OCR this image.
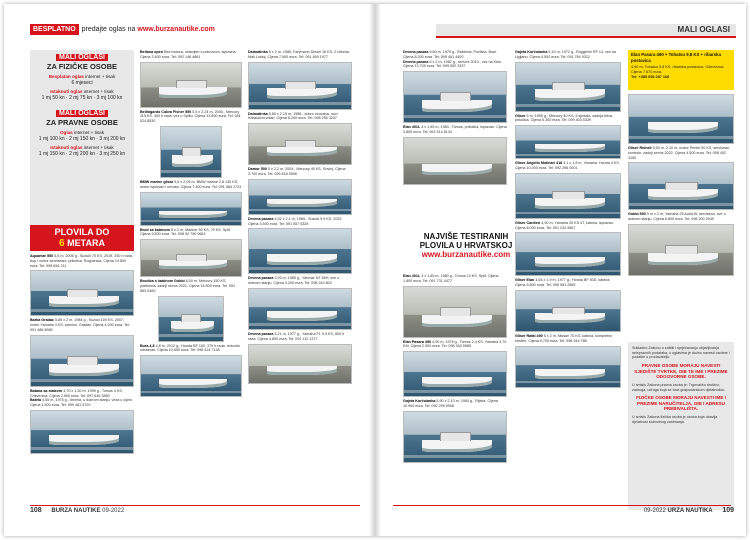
BESPLATNO predajte oglas na www.burzanautike.com
MALI OGLASI
ZA FIZIČKE OSOBE
Besplatan oglas internet + tisak
6 mjeseci
Istaknuti oglas internet + tisak
1 mj 50 kn · 2 mj 75 kn · 3 mj 100 kn
MALI OGLASI
ZA PRAVNE OSOBE
Oglas internet + tisak
1 mj 100 kn · 2 mj 150 kn · 3 mj 200 kn
Istaknuti oglas internet + tisak
1 mj 150 kn · 2 mj 200 kn · 3 mj 250 kn
PLOVILA DO
6 METARA
Aquamar 550 5,5 m, 2006 g., Suzuki 70 KS, 2019, 250 h rada, trup i motor servisirani, prikolica, Rogoznica. Cijena 14.800 eura. Tel: 098 654 211
Barka Gradac 5,85 x 2 m, 1984 g., Suzuki 100 KS, 2007, motor Yamaha 3 KS, kamion, Gradac. Cijena 4.200 eura. Tel: 091 486 8965
Batana sa stalcem 4,70 x 1,30 m, 1999 g., Tomos 4 KS, Crikvenica. Cijena 2.500 eura. Tel: 097 645 3850
Batela 4,55 m, 1975 g., drvena, u dobrom stanju, veza u cijeni. Cijena 1.500 eura. Tel: 099 481 5720
Bellana open Bez motora, ostavljen s pokrovom, ispravna. Cijena 3.400 eura. Tel: 092 146 4861
Bellingardo Cobra Fisher 550 5,5 x 2,24 m, 2005., Mercury 115 KS, 400 h rada, vez u Splitu. Cijena 13.800 eura. Tel: 091 524 8530
BMW marine glisar 5,5 x 2,05 m, BMW marine 2,8 130 KS, motor ispravan i uredan. Cijena 7.400 eura. Tel: 091 584 1723
Brod sa kabinom 8 x 2 m, Mariner 50 KS, 70 KS, Split. Cijena 9.500 eura. Tel: 098 92 790 0661
Brodica s kabinom Gobbi 6,00 m, Mercury 150 KS, platforma, zadnji servis 2021. Cijena 16.500 eura. Tel: 091 563 0469
Bura 4,8 4,8 m, 2012 g., Honda BF 100, 370 h rada, redovito održavan. Cijena 10.500 eura. Tel: 098 424 7145
Dalmatinka 5 x 2 m, 1986, Farymann Diesel 16 KS, 2 cilindra, Mali Lošinj. Cijena 7.500 eura. Tel: 091 489 1977
Dalmatinka 5,80 x 2,15 m, 1985., dobro očuvana, novi hidraulični volan. Cijena 6.200 eura. Tel: 098 255 3247
Damor 500 5 x 2,2 m, 2004., Mercury 40 KS, Rovinj. Cijena 3.700 eura. Tel: 095 818 0506
Drvena pasara 4,92 x 2,1 m, 1965., Suzuki 9,9 KS, 2022. Cijena 3.500 eura. Tel: 091 557 5328
Drvena pasara 3,93 m, 1965 g., Yanmar NT 65H, sve u dobrom stanju. Cijena 3.200 eura. Tel: 098 243 803
Drvena pasara 5,21 m, 1977 g., Yamaha F1 9,9 KS, 800 h rada. Cijena 4.800 eura. Tel: 091 112 1377
108 BURZA NAUTIKE 09-2022
MALI OGLASI
Drvena pasara 5,60 m, 1979 g., Rabbiosi, Pučišća, Brač. Cijena 8.300 eura. Tel: 099 461 4400
Drvena pasara 6 x 2 m, 1962 g., remont 2010., vez na Krku. Cijena 13.700 eura. Tel: 099 592 3337
Elan 401L 4 x 1,65 m, 1983., Tomos, prikolica, ispravan. Cijena 3.800 eura. Tel: 091 514 6134
NAJVIŠE TESTIRANIH
PLOVILA U HRVATSKOJ
www.burzanautike.com
Elan 401L 4 x 1,65 m, 1980 g., Tomos 10 KS, Split. Cijena 1.800 eura. Tel: 091 731 4477
Elan Pasara 490 4,90 m, 1978 g., Tomos 2,4 KS, Yamaha 3,70 KM. Cijena 2.500 eura. Tel: 098 340 5985
Gajeta Korčulanka 5,90 x 2,10 m, 1984 g., Rijeka. Cijena 10.900 eura. Tel: 092 299 9908
Gajeta Korčulanka 5,15 m, 1972 g., Ruggerini RF 14, vez na Ugljanu. Cijena 4.500 eura. Tel: 091 764 9312
Gliser 5 m, 1995 g., Mercury 40 KS, 5 sjedala, zadnja bitva, prikolica. Cijena 5.300 eura. Tel: 099 403 5339
Gliser Angello Molinari 418 4,1 x 1,8 m, Yamaha, Honda 4 KS. Cijena 10.000 eura. Tel: 092 296 0001
Gliser Cantieri 4,90 m, Yamaha 25 KS 4T, kabina, ispravan. Cijena 8.000 eura. Tel: 091 234 5567
Gliser Elan 4,55 x 1,9 m, 1977 g., Honda BF 50D, kabina. Cijena 5.800 eura. Tel: 098 981 2565
Gliser Rafal 490 5 x 2 m, Nissan 70 KS, kabina, kompletno sređen. Cijena 9.700 eura. Tel: 098 344 788
Elan Pasara 490 + Tohatsu 9,8 KS + ribarska postavica
4,90 m, Tohatsu 9,8 KS, ribarska postavica, Oštrovnica. Cijena 7.670 eura.
Tel: +385 098 287 168
Gliser Reinell 5,50 m, 2,10 m, motor Pentel 50 KS, servisiran, kontrole, zadnji servis 2022. Cijena 4.500 eura. Tel: 098 402 3150
Gobbi 500 5 m x 2 m, Yamaha 25 AutoLift, servisiran, sve u dobrom stanju. Cijena 6.800 eura. Tel: 098 200 2949
Sukladno Zakonu o zaštiti i sprječavanju objavljivanja neispravnih podataka, u oglasima je dužno navesti osobne i podatke o prodavatelju.
PRAVNE OSOBE MORAJU NAVESTI SJEDIŠTE TVRTKE, OIB TE IME I PREZIME ODGOVORNE OSOBE.
U smislu Zakona pravna osoba je: Trgovačko društvo, zadruga, udruga koja se bavi gospodarskom djelatnošću.
FIZIČKE OSOBE MORAJU NAVESTI IME I PREZIME NARUČITELJA, OIB I ADRESU PREBIVALIŠTA.
U smislu Zakona fizička osoba je osoba koja obavlja djelatnost slobodnog zanimanja.
09-2022 URZA NAUTIKA 109
